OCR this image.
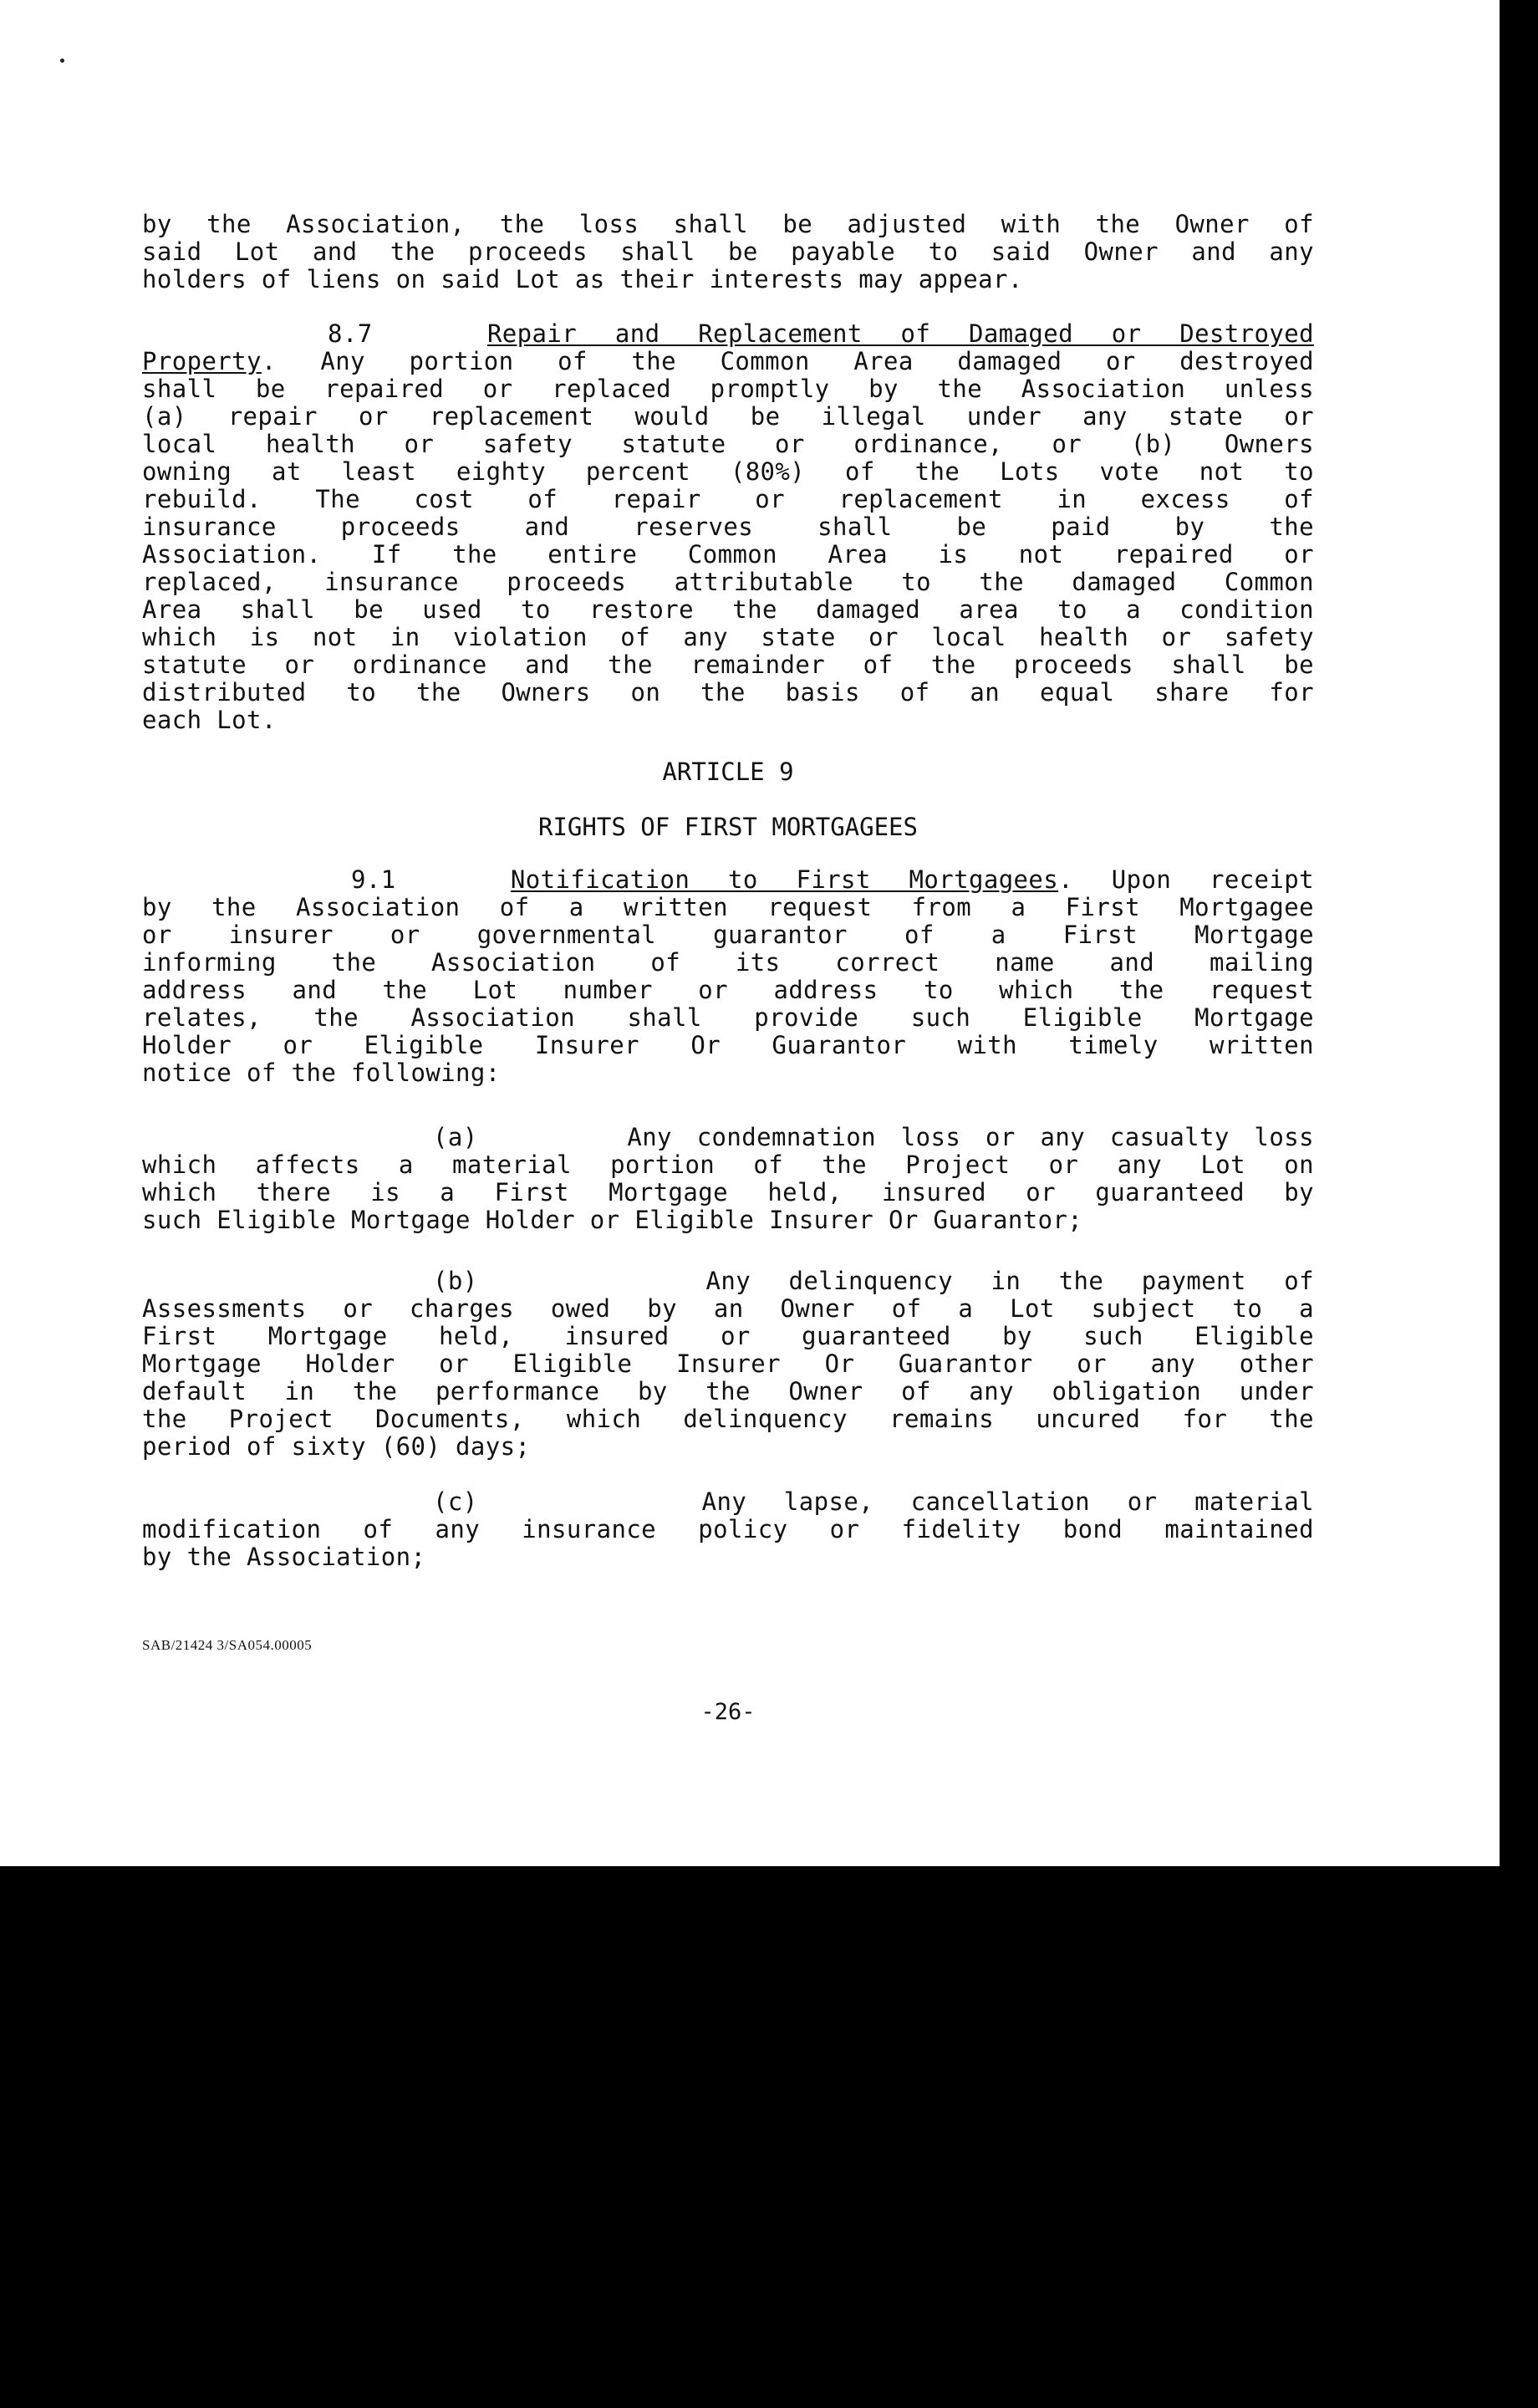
by the Association, the loss shall be adjusted with the Owner of
said Lot and the proceeds shall be payable to said Owner and any
holders of liens on said Lot as their interests may appear.
8.7	Repair and Replacement of Damaged or Destroyed
Property. Any portion of the Common Area damaged or destroyed
shall be repaired or replaced promptly by the Association unless
(a) repair or replacement would be illegal under any state or
local health or safety statute or ordinance, or (b) Owners
owning at least eighty percent (80%) of the Lots vote not to
rebuild. The cost of repair or replacement in excess of
insurance proceeds and reserves shall be paid by the
Association. If the entire Common Area is not repaired or
replaced, insurance proceeds attributable to the damaged Common
Area shall be used to restore the damaged area to a condition
which is not in violation of any state or local health or safety
statute or ordinance and the remainder of the proceeds shall be
distributed to the Owners on the basis of an equal share for
each Lot.
ARTICLE 9
RIGHTS OF FIRST MORTGAGEES
9.1	Notification to First Mortgagees. Upon receipt
by the Association of a written request from a First Mortgagee
or insurer or governmental guarantor of a First Mortgage
informing the Association of its correct name and mailing
address and the Lot number or address to which the request
relates, the Association shall provide such Eligible Mortgage
Holder or Eligible Insurer Or Guarantor with timely written
notice of the following:
(a)	Any condemnation loss or any casualty loss
which affects a material portion of the Project or any Lot on
which there is a First Mortgage held, insured or guaranteed by
such Eligible Mortgage Holder or Eligible Insurer Or Guarantor;
(b)	Any delinquency in the payment of
Assessments or charges owed by an Owner of a Lot subject to a
First Mortgage held, insured or guaranteed by such Eligible
Mortgage Holder or Eligible Insurer Or Guarantor or any other
default in the performance by the Owner of any obligation under
the Project Documents, which delinquency remains uncured for the
period of sixty (60) days;
(c)	Any lapse, cancellation or material
modification of any insurance policy or fidelity bond maintained
by the Association;
SAB/21424 3/SA054.00005
-26-
